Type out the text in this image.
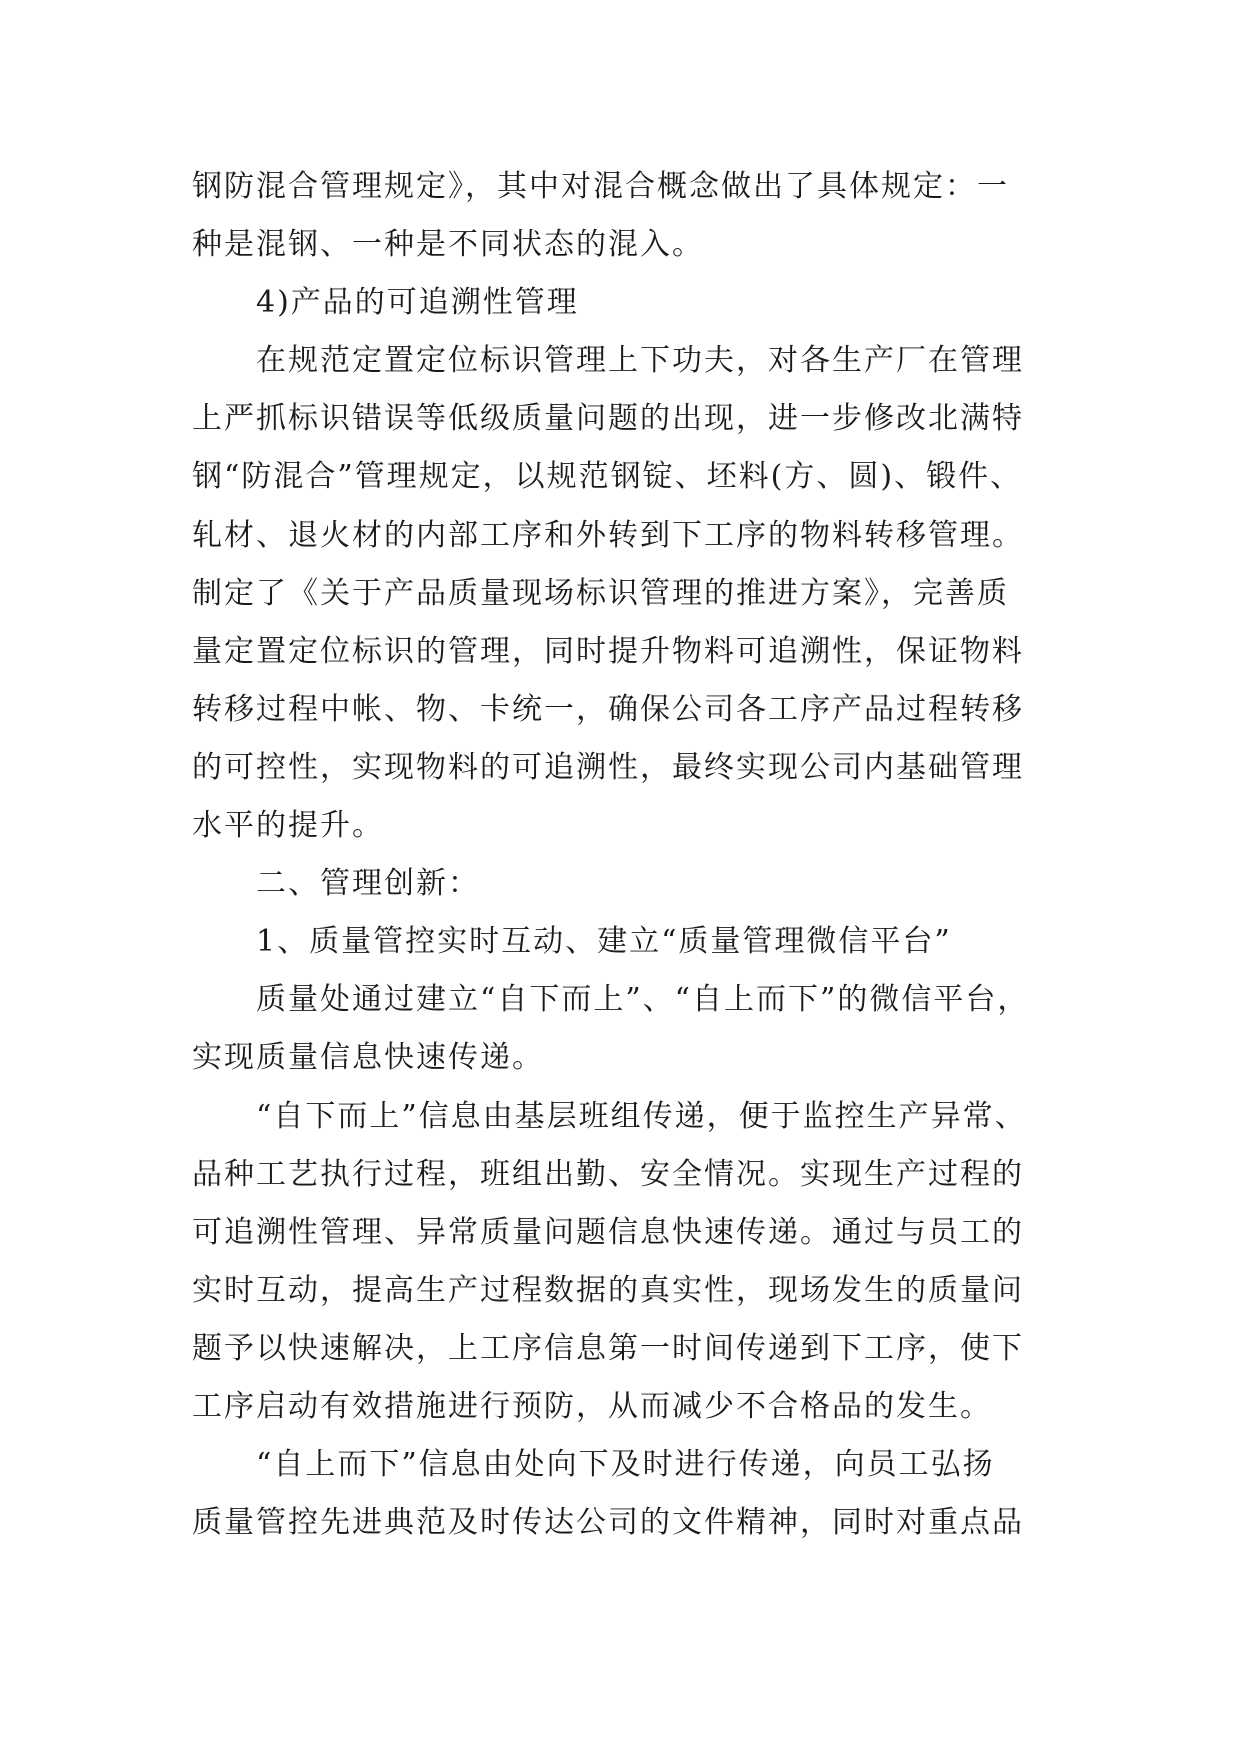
钢防混合管理规定》，其中对混合概念做出了具体规定：一
种是混钢、一种是不同状态的混入。
4)产品的可追溯性管理
在规范定置定位标识管理上下功夫，对各生产厂在管理
上严抓标识错误等低级质量问题的出现，进一步修改北满特
钢“防混合”管理规定，以规范钢锭、坯料(方、圆)、锻件、
轧材、退火材的内部工序和外转到下工序的物料转移管理。
制定了《关于产品质量现场标识管理的推进方案》，完善质
量定置定位标识的管理，同时提升物料可追溯性，保证物料
转移过程中帐、物、卡统一，确保公司各工序产品过程转移
的可控性，实现物料的可追溯性，最终实现公司内基础管理
水平的提升。
二、管理创新：
1、质量管控实时互动、建立“质量管理微信平台”
质量处通过建立“自下而上”、“自上而下”的微信平台，
实现质量信息快速传递。
“自下而上”信息由基层班组传递，便于监控生产异常、
品种工艺执行过程，班组出勤、安全情况。实现生产过程的
可追溯性管理、异常质量问题信息快速传递。通过与员工的
实时互动，提高生产过程数据的真实性，现场发生的质量问
题予以快速解决，上工序信息第一时间传递到下工序，使下
工序启动有效措施进行预防，从而减少不合格品的发生。
“自上而下”信息由处向下及时进行传递，向员工弘扬
质量管控先进典范及时传达公司的文件精神，同时对重点品
